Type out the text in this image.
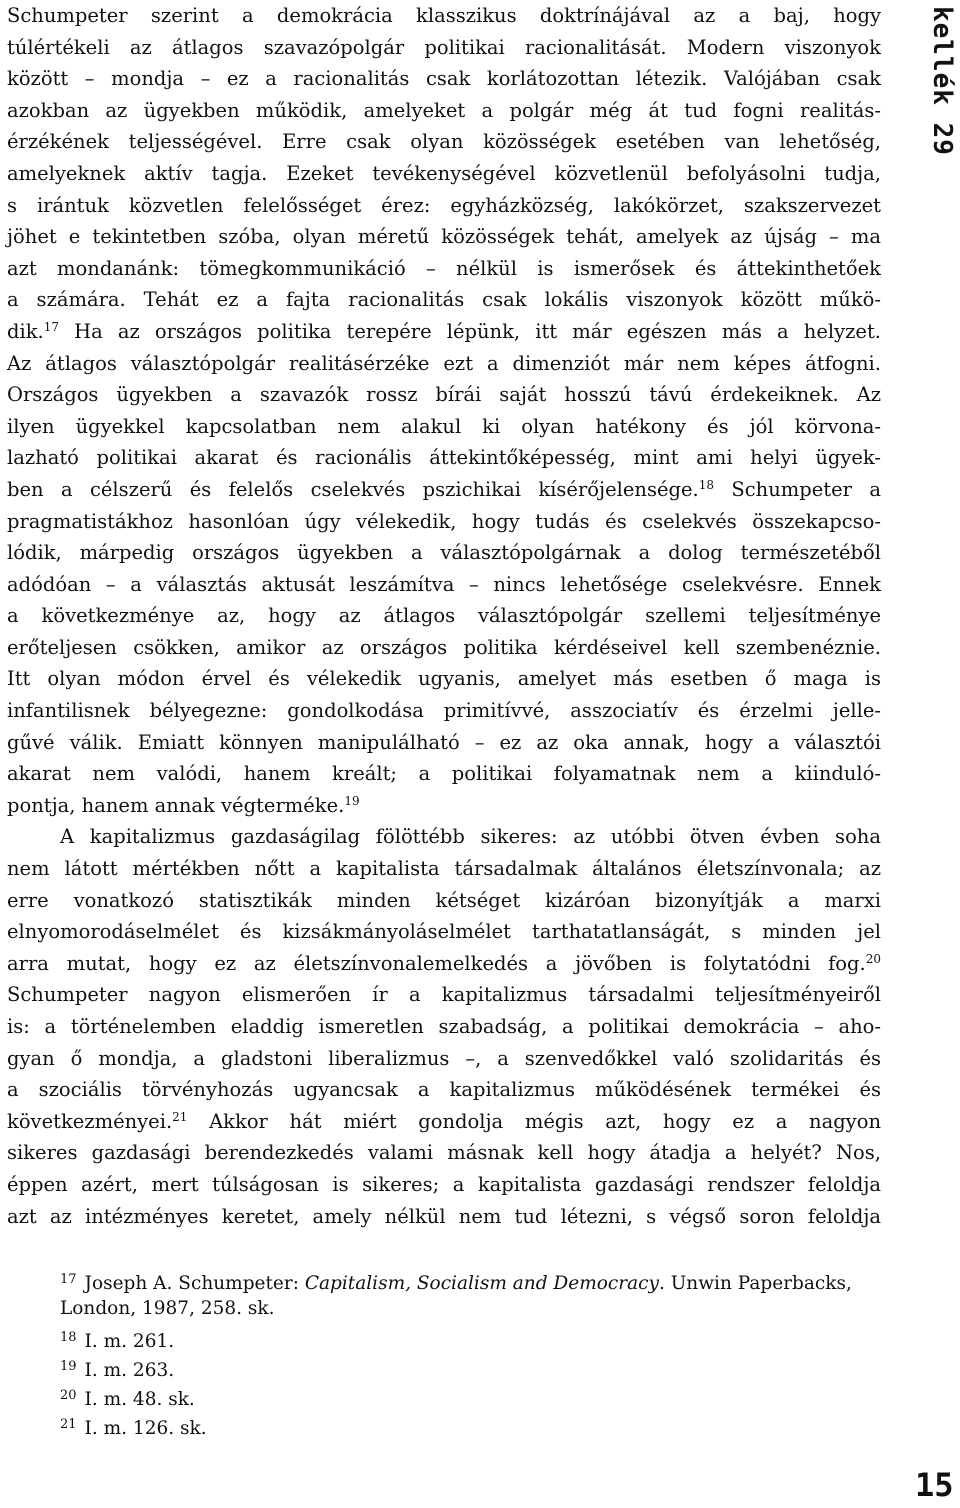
kellék 29
Schumpeter szerint a demokrácia klasszikus doktrínájával az a baj, hogy
túlértékeli az átlagos szavazópolgár politikai racionalitását. Modern viszonyok
között – mondja – ez a racionalitás csak korlátozottan létezik. Valójában csak
azokban az ügyekben működik, amelyeket a polgár még át tud fogni realitás-
érzékének teljességével. Erre csak olyan közösségek esetében van lehetőség,
amelyeknek aktív tagja. Ezeket tevékenységével közvetlenül befolyásolni tudja,
s irántuk közvetlen felelősséget érez: egyházközség, lakókörzet, szakszervezet
jöhet e tekintetben szóba, olyan méretű közösségek tehát, amelyek az újság – ma
azt mondanánk: tömegkommunikáció – nélkül is ismerősek és áttekinthetőek
a számára. Tehát ez a fajta racionalitás csak lokális viszonyok között műkö-
dik.$^{17}$ Ha az országos politika terepére lépünk, itt már egészen más a helyzet.
Az átlagos választópolgár realitásérzéke ezt a dimenziót már nem képes átfogni.
Országos ügyekben a szavazók rossz bírái saját hosszú távú érdekeiknek. Az
ilyen ügyekkel kapcsolatban nem alakul ki olyan hatékony és jól körvona-
lazható politikai akarat és racionális áttekintőképesség, mint ami helyi ügyek-
ben a célszerű és felelős cselekvés pszichikai kísérőjelensége.$^{18}$ Schumpeter a
pragmatistákhoz hasonlóan úgy vélekedik, hogy tudás és cselekvés összekapcso-
lódik, márpedig országos ügyekben a választópolgárnak a dolog természetéből
adódóan – a választás aktusát leszámítva – nincs lehetősége cselekvésre. Ennek
a következménye az, hogy az átlagos választópolgár szellemi teljesítménye
erőteljesen csökken, amikor az országos politika kérdéseivel kell szembenéznie.
Itt olyan módon érvel és vélekedik ugyanis, amelyet más esetben ő maga is
infantilisnek bélyegezne: gondolkodása primitívvé, asszociatív és érzelmi jelle-
gűvé válik. Emiatt könnyen manipulálható – ez az oka annak, hogy a választói
akarat nem valódi, hanem kreált; a politikai folyamatnak nem a kiinduló-
pontja, hanem annak végterméke.$^{19}$
A kapitalizmus gazdaságilag fölöttébb sikeres: az utóbbi ötven évben soha
nem látott mértékben nőtt a kapitalista társadalmak általános életszínvonala; az
erre vonatkozó statisztikák minden kétséget kizáróan bizonyítják a marxi
elnyomorodáselmélet és kizsákmányoláselmélet tarthatatlanságát, s minden jel
arra mutat, hogy ez az életszínvonalemelkedés a jövőben is folytatódni fog.$^{20}$
Schumpeter nagyon elismerően ír a kapitalizmus társadalmi teljesítményeiről
is: a történelemben eladdig ismeretlen szabadság, a politikai demokrácia – aho-
gyan ő mondja, a gladstoni liberalizmus –, a szenvedőkkel való szolidaritás és
a szociális törvényhozás ugyancsak a kapitalizmus működésének termékei és
következményei.$^{21}$ Akkor hát miért gondolja mégis azt, hogy ez a nagyon
sikeres gazdasági berendezkedés valami másnak kell hogy átadja a helyét? Nos,
éppen azért, mert túlságosan is sikeres; a kapitalista gazdasági rendszer feloldja
azt az intézményes keretet, amely nélkül nem tud létezni, s végső soron feloldja
$^{17}$ Joseph A. Schumpeter: Capitalism, Socialism and Democracy. Unwin Paperbacks,
London, 1987, 258. sk.
$^{18}$ I. m. 261.
$^{19}$ I. m. 263.
$^{20}$ I. m. 48. sk.
$^{21}$ I. m. 126. sk.
15
